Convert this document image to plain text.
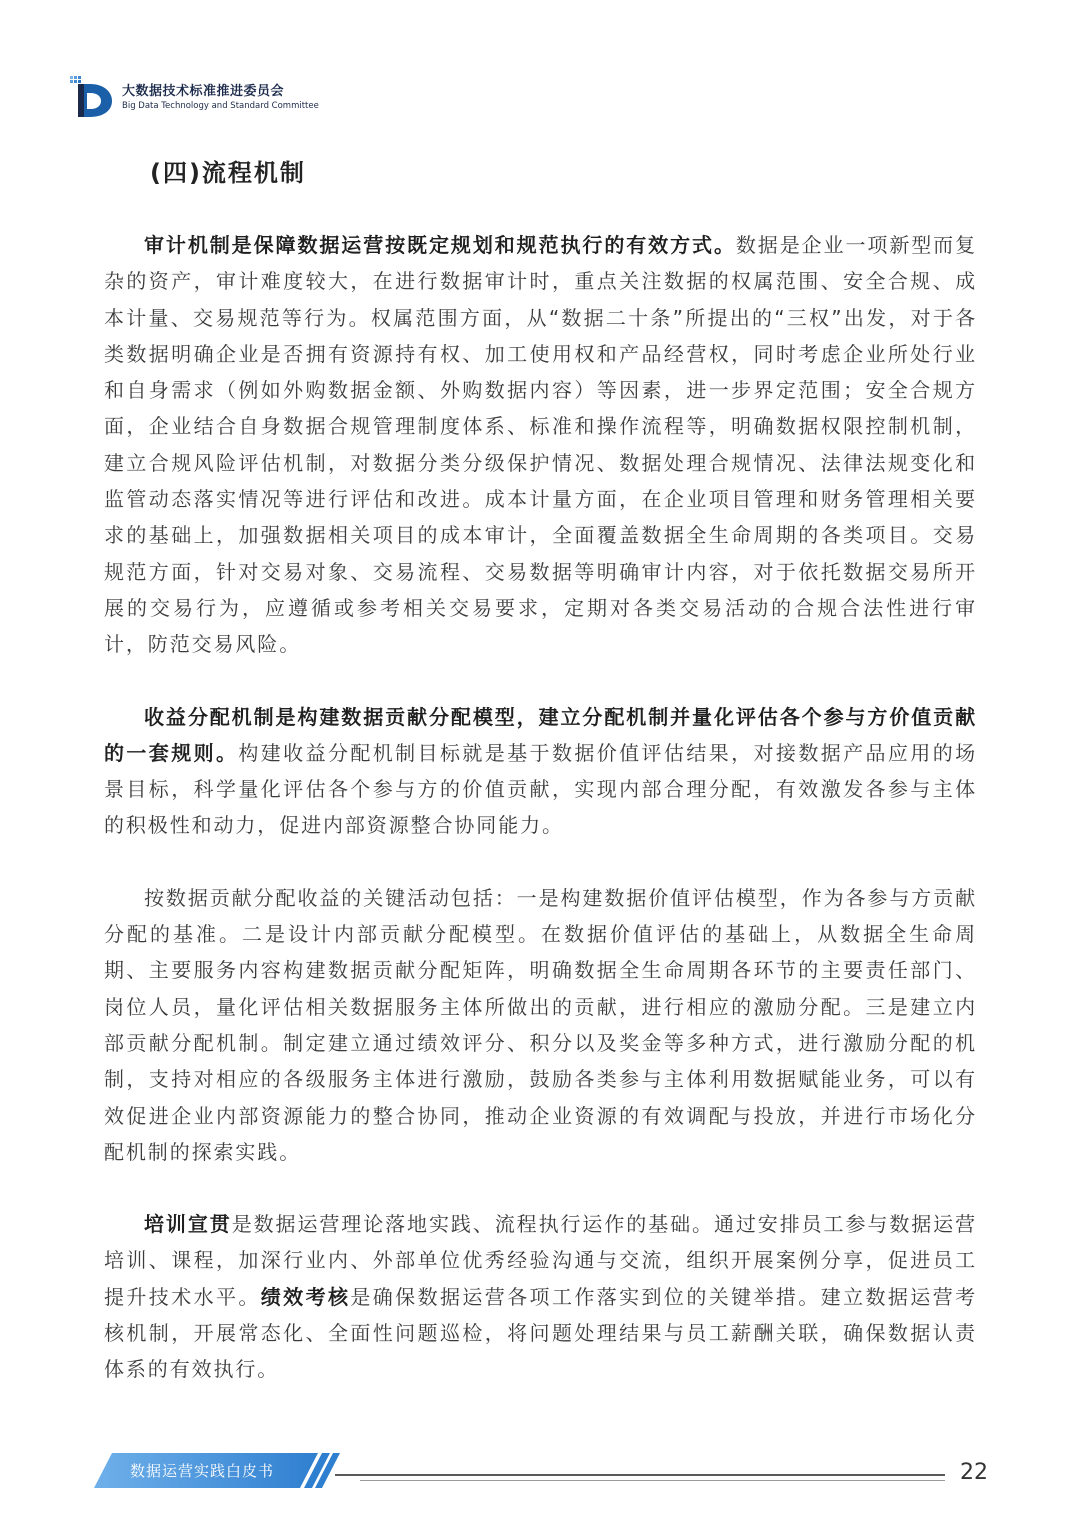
大数据技术标准推进委员会
Big Data Technology and Standard Committee
(四)流程机制

审计机制是保障数据运营按既定规划和规范执行的有效方式。数据是企业一项新型而复杂的资产，审计难度较大，在进行数据审计时，重点关注数据的权属范围、安全合规、成本计量、交易规范等行为。权属范围方面，从“数据二十条”所提出的“三权”出发，对于各类数据明确企业是否拥有资源持有权、加工使用权和产品经营权，同时考虑企业所处行业和自身需求（例如外购数据金额、外购数据内容）等因素，进一步界定范围；安全合规方面，企业结合自身数据合规管理制度体系、标准和操作流程等，明确数据权限控制机制，建立合规风险评估机制，对数据分类分级保护情况、数据处理合规情况、法律法规变化和监管动态落实情况等进行评估和改进。成本计量方面，在企业项目管理和财务管理相关要求的基础上，加强数据相关项目的成本审计，全面覆盖数据全生命周期的各类项目。交易规范方面，针对交易对象、交易流程、交易数据等明确审计内容，对于依托数据交易所开展的交易行为，应遵循或参考相关交易要求，定期对各类交易活动的合规合法性进行审计，防范交易风险。

收益分配机制是构建数据贡献分配模型，建立分配机制并量化评估各个参与方价值贡献的一套规则。构建收益分配机制目标就是基于数据价值评估结果，对接数据产品应用的场景目标，科学量化评估各个参与方的价值贡献，实现内部合理分配，有效激发各参与主体的积极性和动力，促进内部资源整合协同能力。

按数据贡献分配收益的关键活动包括：一是构建数据价值评估模型，作为各参与方贡献分配的基准。二是设计内部贡献分配模型。在数据价值评估的基础上，从数据全生命周期、主要服务内容构建数据贡献分配矩阵，明确数据全生命周期各环节的主要责任部门、岗位人员，量化评估相关数据服务主体所做出的贡献，进行相应的激励分配。三是建立内部贡献分配机制。制定建立通过绩效评分、积分以及奖金等多种方式，进行激励分配的机制，支持对相应的各级服务主体进行激励，鼓励各类参与主体利用数据赋能业务，可以有效促进企业内部资源能力的整合协同，推动企业资源的有效调配与投放，并进行市场化分配机制的探索实践。

培训宣贯是数据运营理论落地实践、流程执行运作的基础。通过安排员工参与数据运营培训、课程，加深行业内、外部单位优秀经验沟通与交流，组织开展案例分享，促进员工提升技术水平。绩效考核是确保数据运营各项工作落实到位的关键举措。建立数据运营考核机制，开展常态化、全面性问题巡检，将问题处理结果与员工薪酬关联，确保数据认责体系的有效执行。

数据运营实践白皮书	22
